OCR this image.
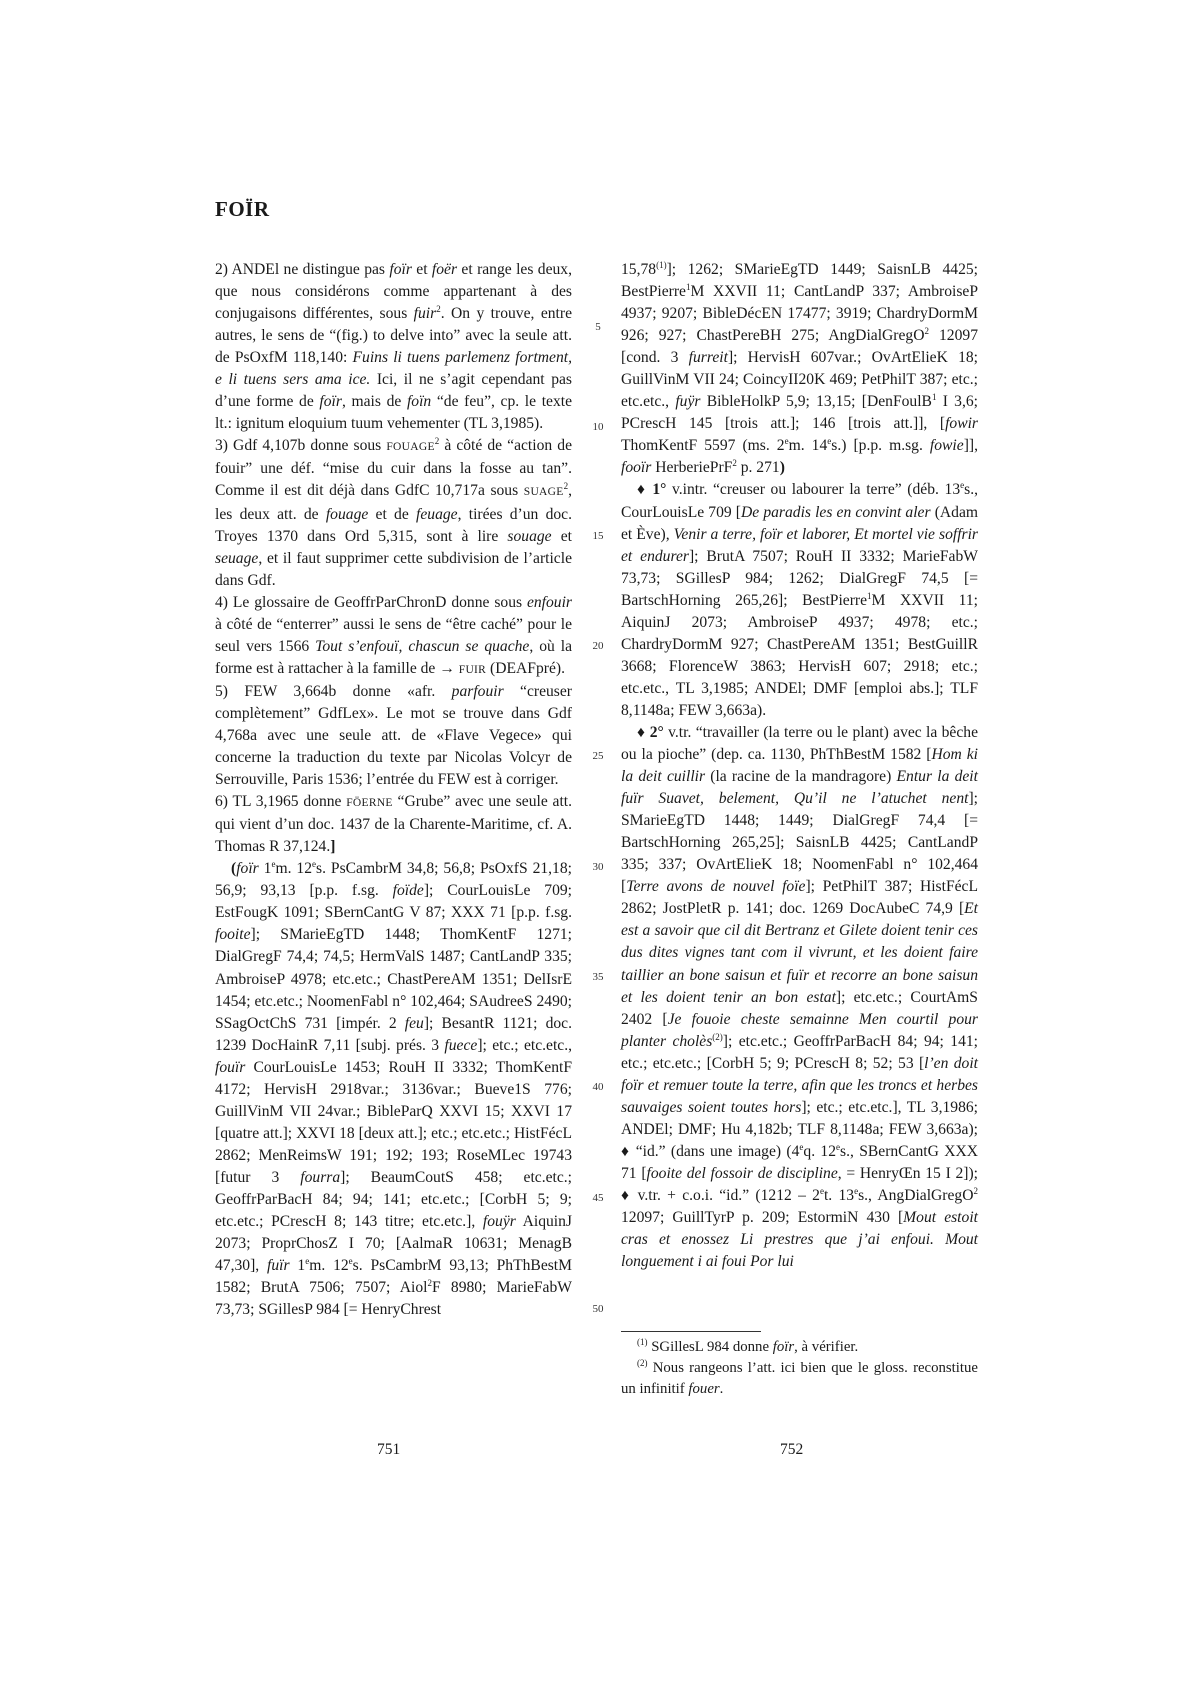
FOÏR

2) ANDEl ne distingue pas foïr et foër et range les deux, que nous considérons comme appartenant à des conjugaisons différentes, sous fuir$^2$. On y trouve, entre autres, le sens de “(fig.) to delve into” avec la seule att. de PsOxfM 118,140: Fuins li tuens parlemenz fortment, e li tuens sers ama ice. Ici, il ne s’agit cependant pas d’une forme de foïr, mais de foïn “de feu”, cp. le texte lt.: ignitum eloquium tuum vehementer (TL 3,1985).

3) Gdf 4,107b donne sous FOUAGE$^2$ à côté de “action de fouir” une déf. “mise du cuir dans la fosse au tan”. Comme il est dit déjà dans GdfC 10,717a sous SUAGE$^2$, les deux att. de fouage et de feuage, tirées d’un doc. Troyes 1370 dans Ord 5,315, sont à lire souage et seuage, et il faut supprimer cette subdivision de l’article dans Gdf.

4) Le glossaire de GeoffrParChronD donne sous enfouir à côté de “enterrer” aussi le sens de “être caché” pour le seul vers 1566 Tout s’enfouï, chascun se quache, où la forme est à rattacher à la famille de → FUIR (DEAFpré).

5) FEW 3,664b donne «afr. parfouir “creuser complètement” GdfLex». Le mot se trouve dans Gdf 4,768a avec une seule att. de «Flave Vegece» qui concerne la traduction du texte par Nicolas Volcyr de Serrouville, Paris 1536; l’entrée du FEW est à corriger.

6) TL 3,1965 donne FÖERNE “Grube” avec une seule att. qui vient d’un doc. 1437 de la Charente-Maritime, cf. A. Thomas R 37,124.]

(foïr 1em. 12es. PsCambrM 34,8; 56,8; PsOxfS 21,18; 56,9; 93,13 [p.p. f.sg. foïde]; CourLouisLe 709; EstFougK 1091; SBernCantG V 87; XXX 71 [p.p. f.sg. fooite]; SMarieEgTD 1448; ThomKentF 1271; DialGregF 74,4; 74,5; HermValS 1487; CantLandP 335; AmbroiseP 4978; etc.etc.; ChastPereAM 1351; DelIsrE 1454; etc.etc.; NoomenFabl n° 102,464; SAudreeS 2490; SSagOctChS 731 [impér. 2 feu]; BesantR 1121; doc. 1239 DocHainR 7,11 [subj. prés. 3 fuece]; etc.; etc.etc., fouïr CourLouisLe 1453; RouH II 3332; ThomKentF 4172; HervisH 2918var.; 3136var.; Bueve1S 776; GuillVinM VII 24var.; BibleParQ XXVI 15; XXVI 17 [quatre att.]; XXVI 18 [deux att.]; etc.; etc.etc.; HistFécL 2862; MenReimsW 191; 192; 193; RoseMLec 19743 [futur 3 fourra]; BeaumCoutS 458; etc.etc.; GeoffrParBacH 84; 94; 141; etc.etc.; [CorbH 5; 9; etc.etc.; PCrescH 8; 143 titre; etc.etc.], fouÿr AiquinJ 2073; ProprChosZ I 70; [AalmaR 10631; MenagB 47,30], fuïr 1em. 12es. PsCambrM 93,13; PhThBestM 1582; BrutA 7506; 7507; Aiol$^2$F 8980; MarieFabW 73,73; SGillesP 984 [= HenryChrest

5
10
15
20
25
30
35
40
45
50

15,78$^{(1)}$]; 1262; SMarieEgTD 1449; SaisnLB 4425; BestPierre$^1$M XXVII 11; CantLandP 337; AmbroiseP 4937; 9207; BibleDécEN 17477; 3919; ChardryDormM 926; 927; ChastPereBH 275; AngDialGregO$^2$ 12097 [cond. 3 furreit]; HervisH 607var.; OvArtElieK 18; GuillVinM VII 24; CoincyII20K 469; PetPhilT 387; etc.; etc.etc., fuÿr BibleHolkP 5,9; 13,15; [DenFoulB$^1$ I 3,6; PCrescH 145 [trois att.]; 146 [trois att.]], [fowir ThomKentF 5597 (ms. 2em. 14es.) [p.p. m.sg. fowie]], fooïr HerberiePrF$^2$ p. 271)

♦ 1° v.intr. “creuser ou labourer la terre” (déb. 13es., CourLouisLe 709 [De paradis les en convint aler (Adam et Ève), Venir a terre, foïr et laborer, Et mortel vie soffrir et endurer]; BrutA 7507; RouH II 3332; MarieFabW 73,73; SGillesP 984; 1262; DialGregF 74,5 [= BartschHorning 265,26]; BestPierre$^1$M XXVII 11; AiquinJ 2073; AmbroiseP 4937; 4978; etc.; ChardryDormM 927; ChastPereAM 1351; BestGuillR 3668; FlorenceW 3863; HervisH 607; 2918; etc.; etc.etc., TL 3,1985; ANDEl; DMF [emploi abs.]; TLF 8,1148a; FEW 3,663a).

♦ 2° v.tr. “travailler (la terre ou le plant) avec la bêche ou la pioche” (dep. ca. 1130, PhThBestM 1582 [Hom ki la deit cuillir (la racine de la mandragore) Entur la deit fuïr Suavet, belement, Qu’il ne l’atuchet nent]; SMarieEgTD 1448; 1449; DialGregF 74,4 [= BartschHorning 265,25]; SaisnLB 4425; CantLandP 335; 337; OvArtElieK 18; NoomenFabl n° 102,464 [Terre avons de nouvel foïe]; PetPhilT 387; HistFécL 2862; JostPletR p. 141; doc. 1269 DocAubeC 74,9 [Et est a savoir que cil dit Bertranz et Gilete doient tenir ces dus dites vignes tant com il vivrunt, et les doient faire taillier an bone saisun et fuïr et recorre an bone saisun et les doient tenir an bon estat]; etc.etc.; CourtAmS 2402 [Je fouoie cheste semainne Men courtil pour planter cholès$^{(2)}$]; etc.etc.; GeoffrParBacH 84; 94; 141; etc.; etc.etc.; [CorbH 5; 9; PCrescH 8; 52; 53 [l’en doit foïr et remuer toute la terre, afin que les troncs et herbes sauvaiges soient toutes hors]; etc.; etc.etc.], TL 3,1986; ANDEl; DMF; Hu 4,182b; TLF 8,1148a; FEW 3,663a); ♦ “id.” (dans une image) (4eq. 12es., SBernCantG XXX 71 [fooite del fossoir de discipline, = HenryŒn 15 I 2]); ♦ v.tr. + c.o.i. “id.” (1212 – 2et. 13es., AngDialGregO$^2$ 12097; GuillTyrP p. 209; EstormiN 430 [Mout estoit cras et enossez Li prestres que j’ai enfoui. Mout longuement i ai foui Por lui

$^{(1)}$ SGillesL 984 donne foïr, à vérifier.

$^{(2)}$ Nous rangeons l’att. ici bien que le gloss. reconstitue un infinitif fouer.

751	752
